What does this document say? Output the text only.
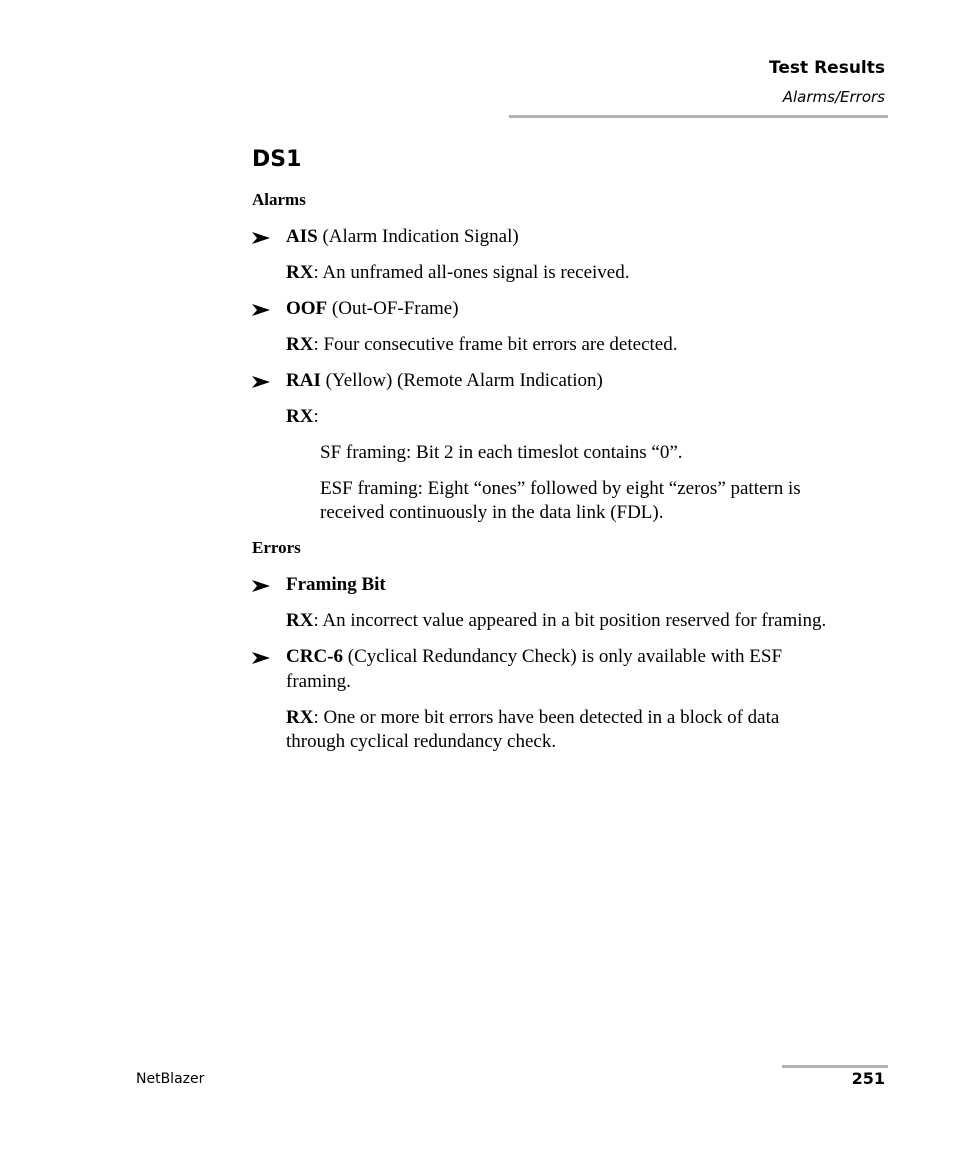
Test Results
Alarms/Errors
DS1
Alarms
AIS (Alarm Indication Signal)
RX: An unframed all-ones signal is received.
OOF (Out-OF-Frame)
RX: Four consecutive frame bit errors are detected.
RAI (Yellow) (Remote Alarm Indication)
RX:
SF framing: Bit 2 in each timeslot contains “0”.
ESF framing: Eight “ones” followed by eight “zeros” pattern is
received continuously in the data link (FDL).
Errors
Framing Bit
RX: An incorrect value appeared in a bit position reserved for framing.
CRC-6 (Cyclical Redundancy Check) is only available with ESF
framing.
RX: One or more bit errors have been detected in a block of data
through cyclical redundancy check.
NetBlazer	251
